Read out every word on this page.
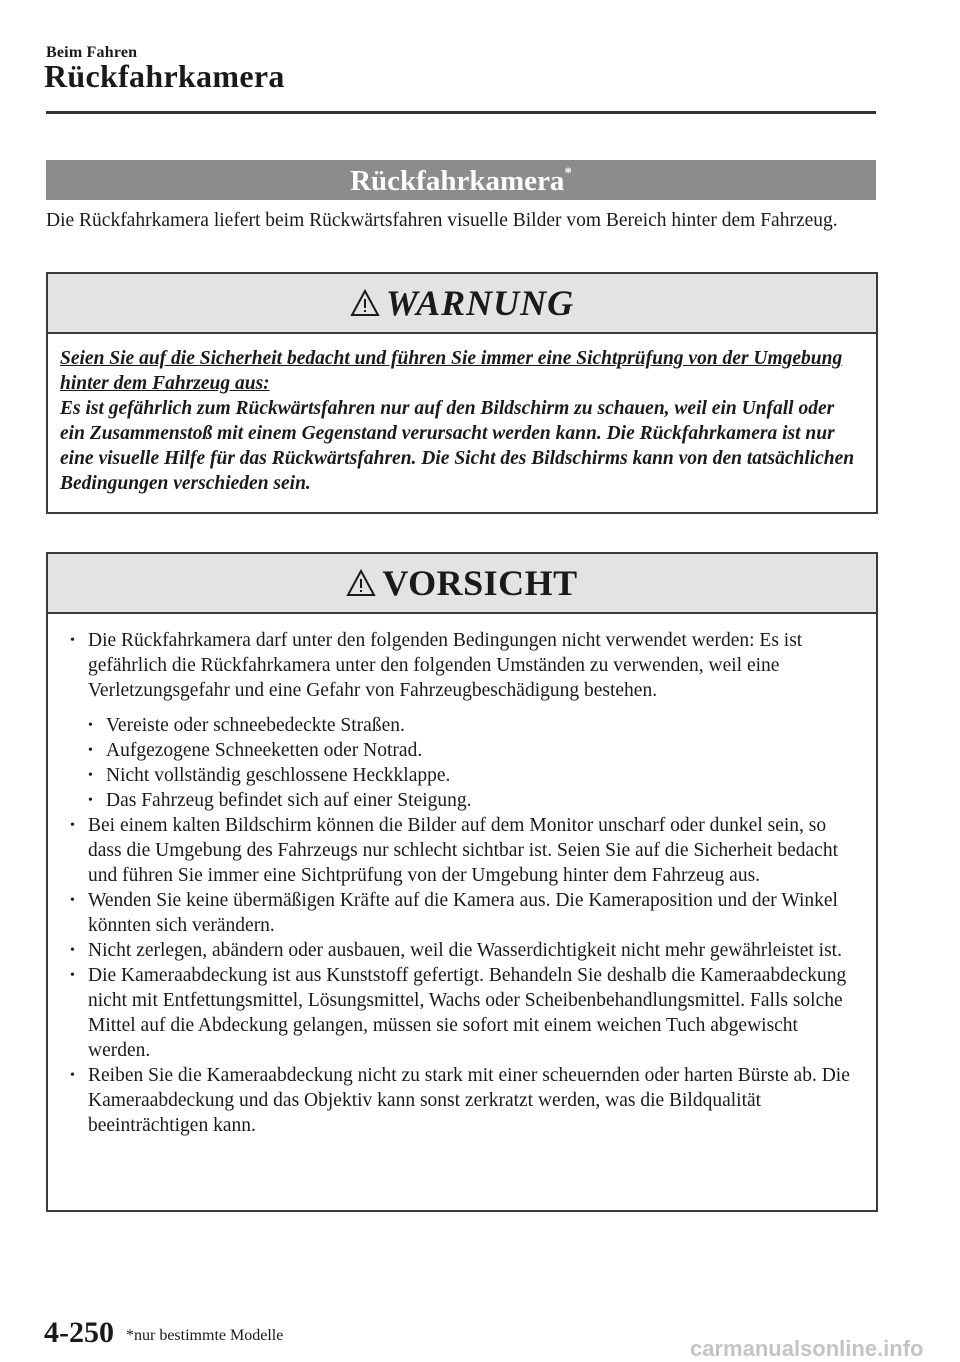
Beim Fahren
Rückfahrkamera
Rückfahrkamera*
Die Rückfahrkamera liefert beim Rückwärtsfahren visuelle Bilder vom Bereich hinter dem Fahrzeug.
WARNUNG
Seien Sie auf die Sicherheit bedacht und führen Sie immer eine Sichtprüfung von der Umgebung hinter dem Fahrzeug aus:
Es ist gefährlich zum Rückwärtsfahren nur auf den Bildschirm zu schauen, weil ein Unfall oder ein Zusammenstoß mit einem Gegenstand verursacht werden kann. Die Rückfahrkamera ist nur eine visuelle Hilfe für das Rückwärtsfahren. Die Sicht des Bildschirms kann von den tatsächlichen Bedingungen verschieden sein.
VORSICHT
• Die Rückfahrkamera darf unter den folgenden Bedingungen nicht verwendet werden: Es ist gefährlich die Rückfahrkamera unter den folgenden Umständen zu verwenden, weil eine Verletzungsgefahr und eine Gefahr von Fahrzeugbeschädigung bestehen.
• Vereiste oder schneebedeckte Straßen.
• Aufgezogene Schneeketten oder Notrad.
• Nicht vollständig geschlossene Heckklappe.
• Das Fahrzeug befindet sich auf einer Steigung.
• Bei einem kalten Bildschirm können die Bilder auf dem Monitor unscharf oder dunkel sein, so dass die Umgebung des Fahrzeugs nur schlecht sichtbar ist. Seien Sie auf die Sicherheit bedacht und führen Sie immer eine Sichtprüfung von der Umgebung hinter dem Fahrzeug aus.
• Wenden Sie keine übermäßigen Kräfte auf die Kamera aus. Die Kameraposition und der Winkel könnten sich verändern.
• Nicht zerlegen, abändern oder ausbauen, weil die Wasserdichtigkeit nicht mehr gewährleistet ist.
• Die Kameraabdeckung ist aus Kunststoff gefertigt. Behandeln Sie deshalb die Kameraabdeckung nicht mit Entfettungsmittel, Lösungsmittel, Wachs oder Scheibenbehandlungsmittel. Falls solche Mittel auf die Abdeckung gelangen, müssen sie sofort mit einem weichen Tuch abgewischt werden.
• Reiben Sie die Kameraabdeckung nicht zu stark mit einer scheuernden oder harten Bürste ab. Die Kameraabdeckung und das Objektiv kann sonst zerkratzt werden, was die Bildqualität beeinträchtigen kann.
4-250 *nur bestimmte Modelle
carmanualsonline.info
